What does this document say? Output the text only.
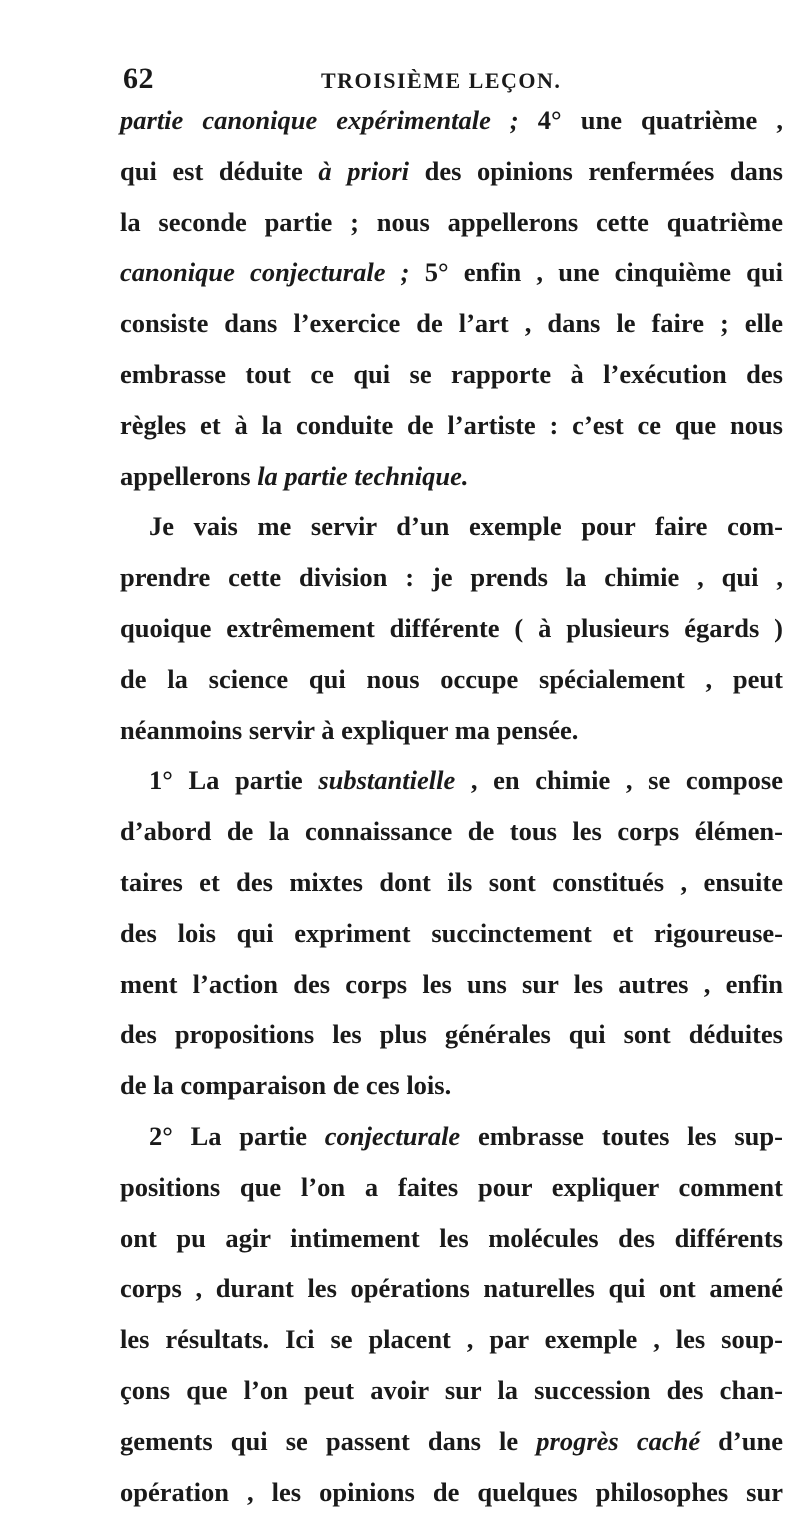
62	TROISIÈME LEÇON.
partie canonique expérimentale ; 4° une quatrième ,
qui est déduite à priori des opinions renfermées dans
la seconde partie ; nous appellerons cette quatrième
canonique conjecturale ; 5° enfin , une cinquième qui
consiste dans l’exercice de l’art , dans le faire ; elle
embrasse tout ce qui se rapporte à l’exécution des
règles et à la conduite de l’artiste : c’est ce que nous
appellerons la partie technique.
Je vais me servir d’un exemple pour faire com-
prendre cette division : je prends la chimie , qui ,
quoique extrêmement différente ( à plusieurs égards )
de la science qui nous occupe spécialement , peut
néanmoins servir à expliquer ma pensée.
1° La partie substantielle , en chimie , se compose
d’abord de la connaissance de tous les corps élémen-
taires et des mixtes dont ils sont constitués , ensuite
des lois qui expriment succinctement et rigoureuse-
ment l’action des corps les uns sur les autres , enfin
des propositions les plus générales qui sont déduites
de la comparaison de ces lois.
2° La partie conjecturale embrasse toutes les sup-
positions que l’on a faites pour expliquer comment
ont pu agir intimement les molécules des différents
corps , durant les opérations naturelles qui ont amené
les résultats. Ici se placent , par exemple , les soup-
çons que l’on peut avoir sur la succession des chan-
gements qui se passent dans le progrès caché d’une
opération , les opinions de quelques philosophes sur
